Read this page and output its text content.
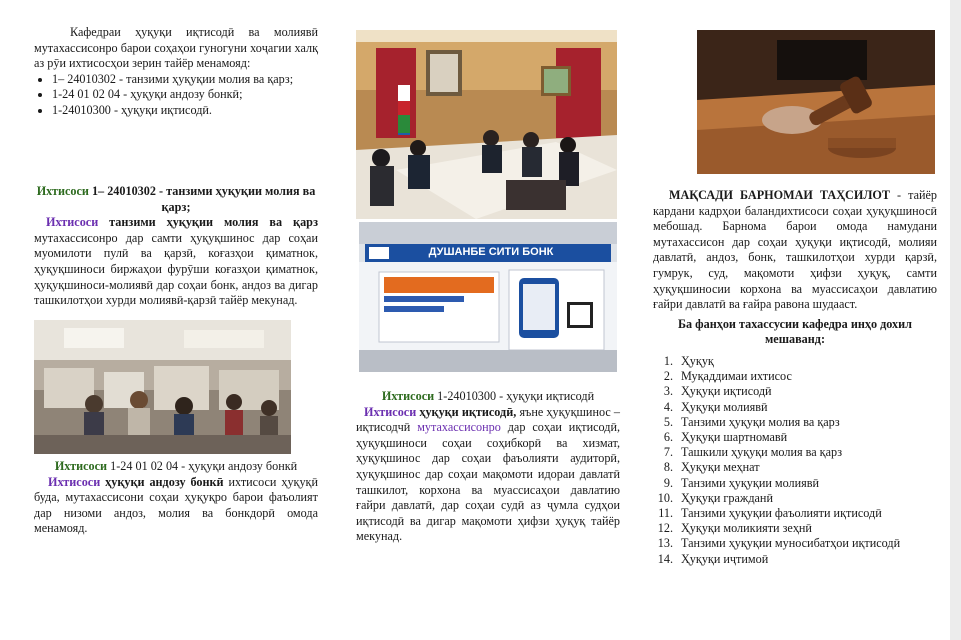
Кафедраи ҳуқуқи иқтисодӣ ва молиявӣ мутахассисонро барои соҳаҳои гуногуни хоҷагии халқ аз рӯи ихтисосҳои зерин тайёр менамояд:

• 1– 24010302 - танзими ҳуқуқии молия ва қарз;
• 1-24 01 02 04 - ҳуқуқи андозу бонкӣ;
• 1-24010300 - ҳуқуқи иқтисодӣ.

Ихтисоси 1– 24010302 - танзими ҳуқуқии молия ва қарз;

Ихтисоси танзими ҳуқуқии молия ва қарз мутахассисонро дар самти ҳуқуқшинос дар соҳаи муомилоти пулӣ ва қарзӣ, коғазҳои қиматнок, ҳуқуқшиноси биржаҳои фурӯши коғазҳои қиматнок, ҳуқуқшиноси-молиявӣ дар соҳаи бонк, андоз ва дигар ташкилотҳои хурди молиявӣ-қарзӣ тайёр мекунад.

Ихтисоси 1-24 01 02 04 - ҳуқуқи андозу бонкӣ

Ихтисоси ҳуқуқи андозу бонкӣ ихтисоси ҳуқуқӣ буда, мутахассисони соҳаи ҳуқуқро барои фаъолият дар низоми андоз, молия ва бонкдорӣ омода менамояд.

ДУШАНБЕ СИТИ БОНК

Ихтисоси 1-24010300 - ҳуқуқи иқтисодӣ

Ихтисоси ҳуқуқи иқтисодӣ, яъне ҳуқуқшинос – иқтисодчӣ мутахассисонро дар соҳаи иқтисодӣ, ҳуқуқшиноси соҳаи соҳибкорӣ ва хизмат, ҳуқуқшинос дар соҳаи фаъолияти аудиторӣ, ҳуқуқшинос дар соҳаи мақомоти идораи давлатӣ ташкилот, корхона ва муассисаҳои давлатию ғайри давлатӣ, дар соҳаи судӣ аз ҷумла судҳои иқтисодӣ ва дигар мақомоти ҳифзи ҳуқуқ тайёр мекунад.

МАҚСАДИ БАРНОМАИ ТАҲСИЛОТ - тайёр кардани кадрҳои баландихтисоси соҳаи ҳуқуқшиносӣ мебошад. Барнома барои омода намудани мутахассисон дар соҳаи ҳуқуқи иқтисодӣ, молияи давлатӣ, андоз, бонк, ташкилотҳои хурди қарзӣ, гумрук, суд, мақомоти ҳифзи ҳуқуқ, самти ҳуқуқшиносии корхона ва муассисаҳои давлатию ғайри давлатӣ ва ғайра равона шудааст.

Ба фанҳои тахассусии кафедра инҳо дохил мешаванд:

1. Ҳуқуқ
2. Муқаддимаи ихтисос
3. Ҳуқуқи иқтисодӣ
4. Ҳуқуқи молиявӣ
5. Танзими ҳуқуқи молия ва қарз
6. Ҳуқуқи шартномавӣ
7. Ташкили ҳуқуқи молия ва қарз
8. Ҳуқуқи меҳнат
9. Танзими ҳуқуқии молиявӣ
10. Ҳуқуқи гражданӣ
11. Танзими ҳуқуқии фаъолияти иқтисодӣ
12. Ҳуқуқи моликияти зеҳнӣ
13. Танзими ҳуқуқии муносибатҳои иқтисодӣ
14. Ҳуқуқи иҷтимоӣ
